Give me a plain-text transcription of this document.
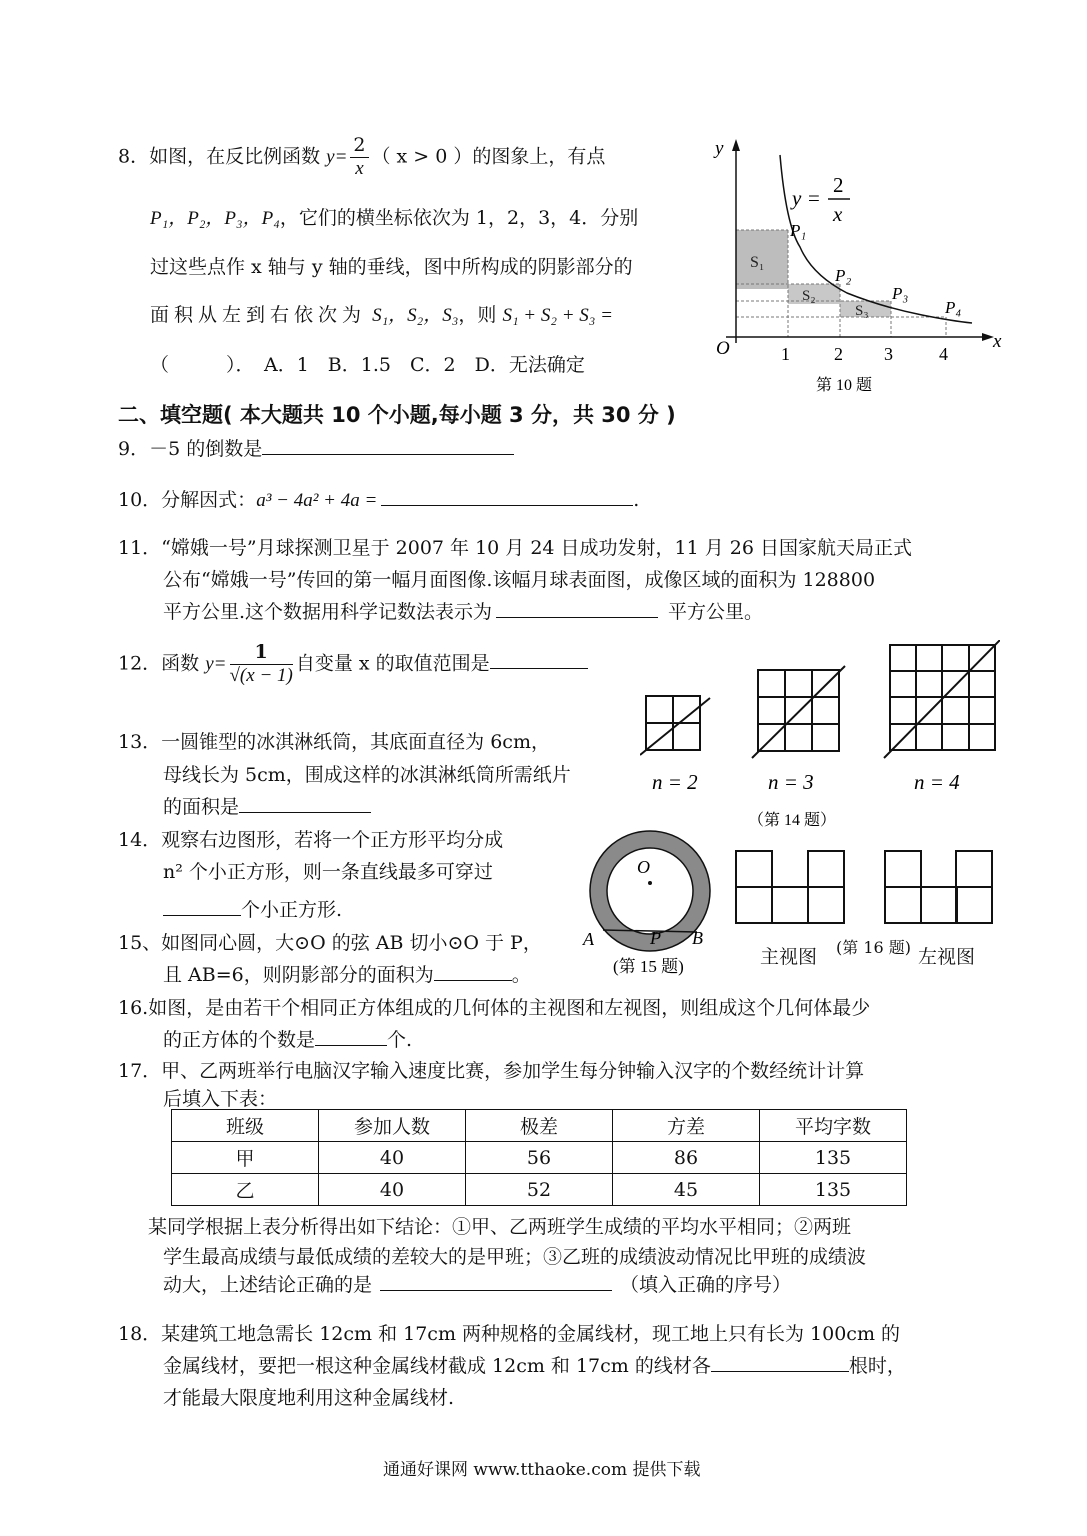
8．如图，在反比例函数 $y= \frac{2}{x}$ （ x > 0 ）的图象上，有点
P₁，P₂，P₃，P₄，它们的横坐标依次为 1，2，3，4．分别
过这些点作 x 轴与 y 轴的垂线，图中所构成的阴影部分的
面积从左到右依次为 S₁，S₂，S₃，则 S₁ + S₂ + S₃ =
（　　　）．　A．1　B．1.5　C．2　D．无法确定
y
x
O
y =
2
x
P₁
P₂
P₃
P₄
S₁
S₂
S₃
1 2 3	4
第 10 题
二、填空题( 本大题共 10 个小题,每小题 3 分，共 30 分 )
9．－5 的倒数是
10．分解因式：a³ − 4a² + 4a =	.
11．“嫦娥一号”月球探测卫星于 2007 年 10 月 24 日成功发射，11 月 26 日国家航天局正式
公布“嫦娥一号”传回的第一幅月面图像.该幅月球表面图，成像区域的面积为 128800
平方公里.这个数据用科学记数法表示为	平方公里。
12．函数 $y= \frac{1}{√(x - 1)}$ 自变量 x 的取值范围是
n = 2	n = 3	n = 4
（第 14 题）
13．一圆锥型的冰淇淋纸筒，其底面直径为 6cm，
母线长为 5cm，围成这样的冰淇淋纸筒所需纸片
的面积是
14．观察右边图形，若将一个正方形平均分成
n² 个小正方形，则一条直线最多可穿过
个小正方形.
O
A	P B
(第 15 题)	主视图 (第 16 题) 左视图
15、如图同心圆，大⊙O 的弦 AB 切小⊙O 于 P，
且 AB=6，则阴影部分的面积为	。
16.如图，是由若干个相同正方体组成的几何体的主视图和左视图，则组成这个几何体最少
的正方体的个数是	个.
17．甲、乙两班举行电脑汉字输入速度比赛，参加学生每分钟输入汉字的个数经统计计算
后填入下表：
班级	参加人数	极差	方差	平均字数
甲	40	56	86	135
乙	40	52	45	135
某同学根据上表分析得出如下结论：①甲、乙两班学生成绩的平均水平相同；②两班
学生最高成绩与最低成绩的差较大的是甲班；③乙班的成绩波动情况比甲班的成绩波
动大，上述结论正确的是	（填入正确的序号）
18．某建筑工地急需长 12cm 和 17cm 两种规格的金属线材，现工地上只有长为 100cm 的
金属线材，要把一根这种金属线材截成 12cm 和 17cm 的线材各	根时，
才能最大限度地利用这种金属线材.
通通好课网 www.tthaoke.com 提供下载
